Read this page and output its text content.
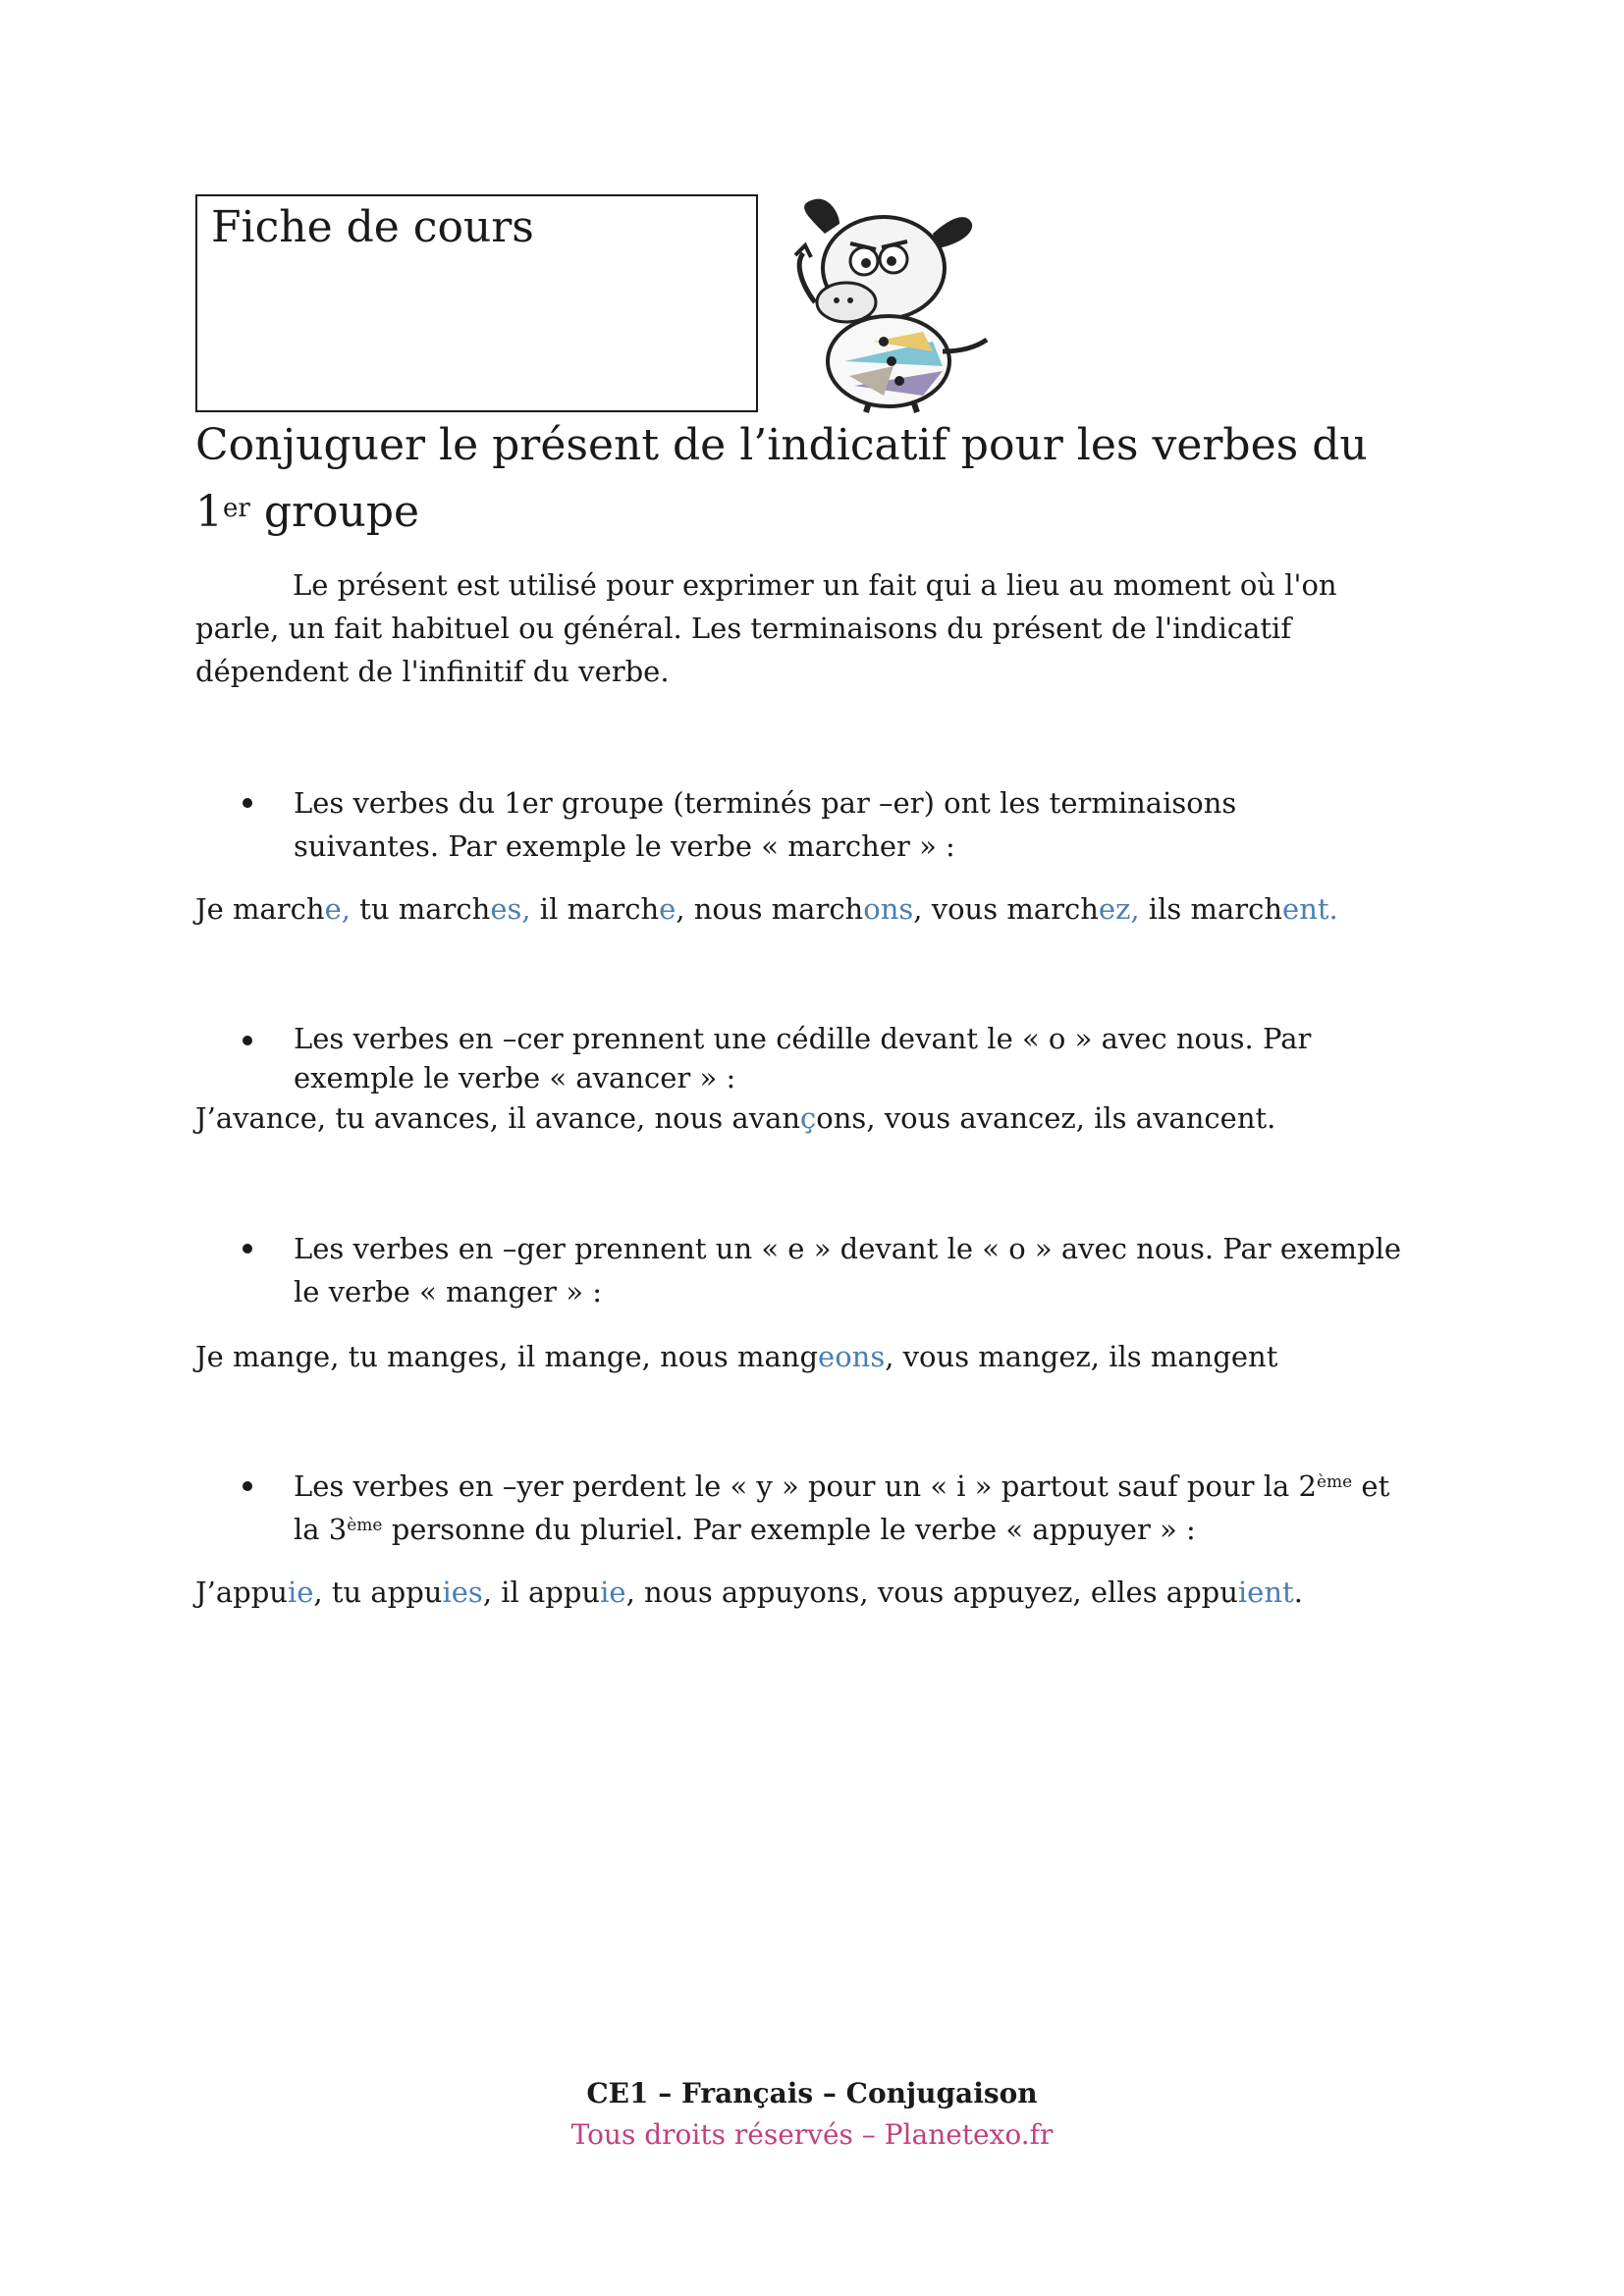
Fiche de cours
Conjuguer le présent de l’indicatif pour les verbes du
1er groupe
Le présent est utilisé pour exprimer un fait qui a lieu au moment où l'on
parle, un fait habituel ou général. Les terminaisons du présent de l'indicatif
dépendent de l'infinitif du verbe.
Les verbes du 1er groupe (terminés par –er) ont les terminaisons
suivantes. Par exemple le verbe « marcher » :
Je marche, tu marches, il marche, nous marchons, vous marchez, ils marchent.
Les verbes en –cer prennent une cédille devant le « o » avec nous. Par
exemple le verbe « avancer » :
J’avance, tu avances, il avance, nous avançons, vous avancez, ils avancent.
Les verbes en –ger prennent un « e » devant le « o » avec nous. Par exemple
le verbe « manger » :
Je mange, tu manges, il mange, nous mangeons, vous mangez, ils mangent
Les verbes en –yer perdent le « y » pour un « i » partout sauf pour la 2ème et
la 3ème personne du pluriel. Par exemple le verbe « appuyer » :
J’appuie, tu appuies, il appuie, nous appuyons, vous appuyez, elles appuient.
CE1 – Français – Conjugaison
Tous droits réservés – Planetexo.fr
